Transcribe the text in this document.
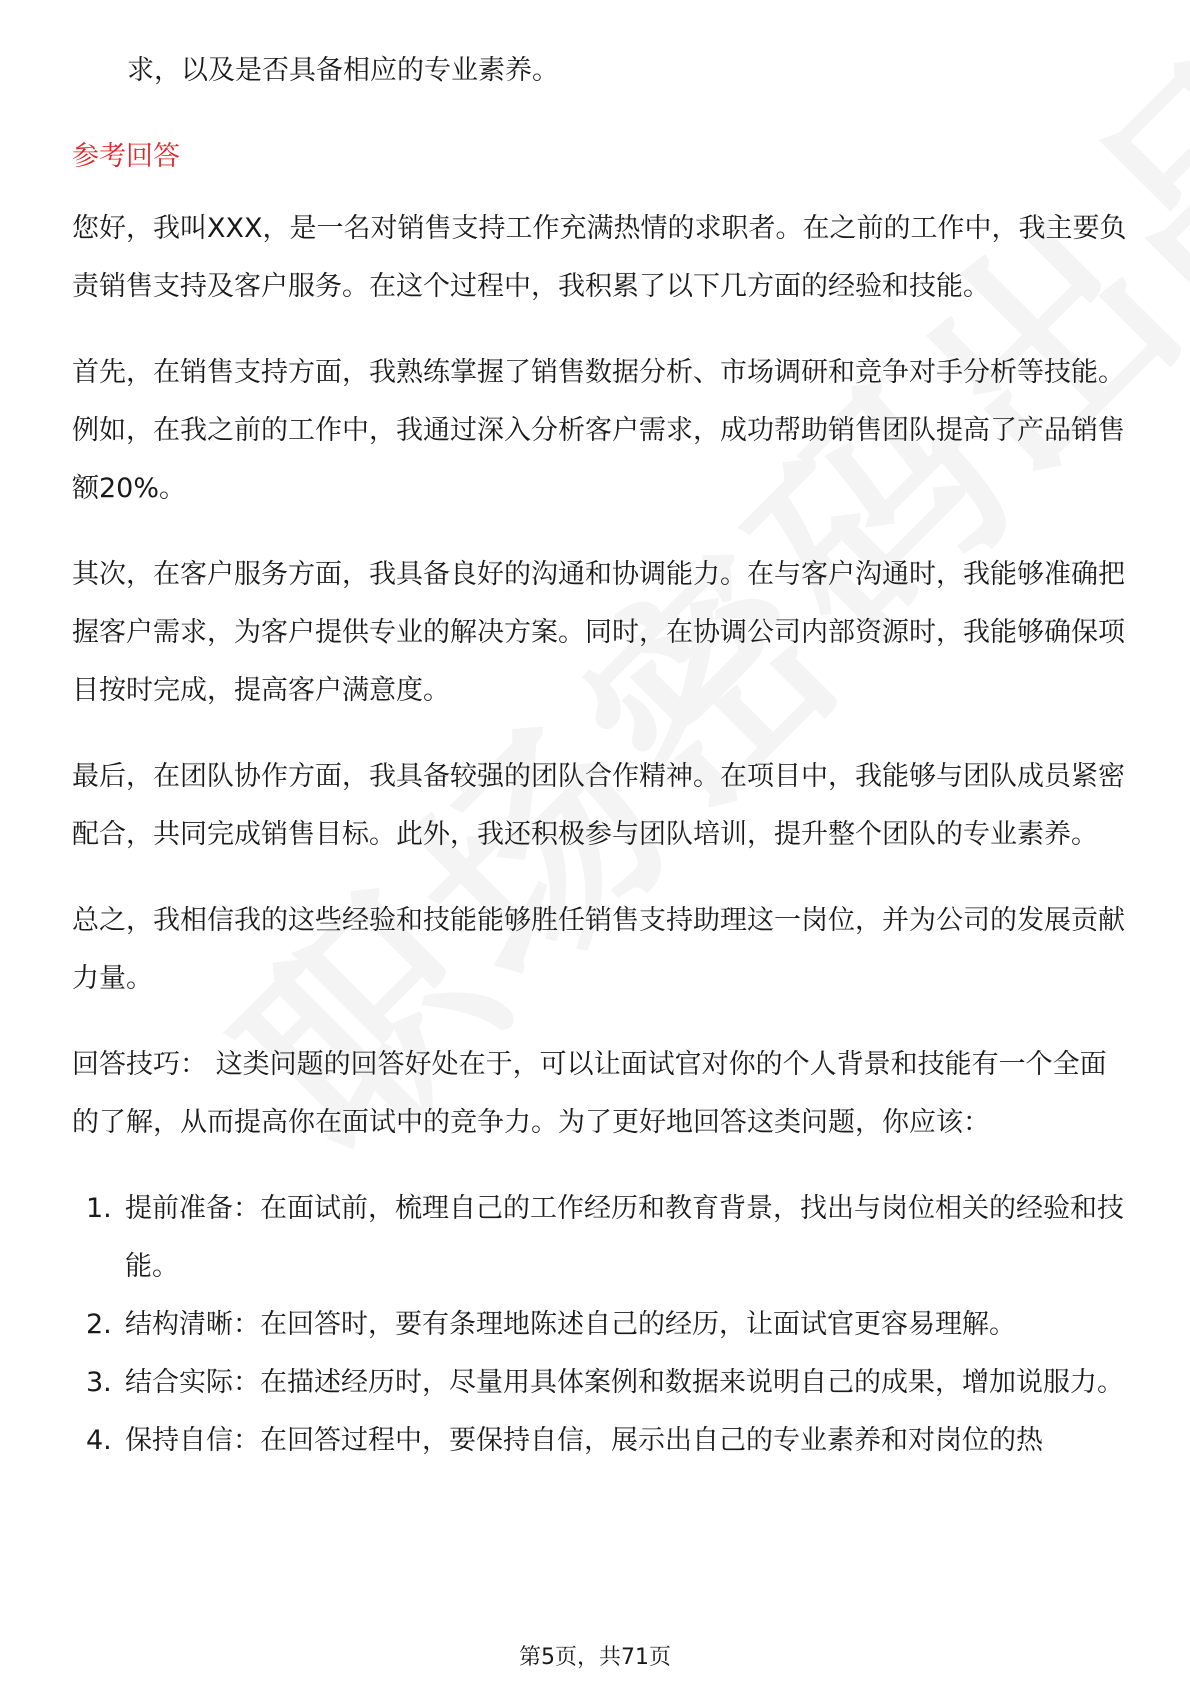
求，以及是否具备相应的专业素养。

参考回答

您好，我叫XXX，是一名对销售支持工作充满热情的求职者。在之前的工作中，我主要负责销售支持及客户服务。在这个过程中，我积累了以下几方面的经验和技能。

首先，在销售支持方面，我熟练掌握了销售数据分析、市场调研和竞争对手分析等技能。例如，在我之前的工作中，我通过深入分析客户需求，成功帮助销售团队提高了产品销售额20%。

其次，在客户服务方面，我具备良好的沟通和协调能力。在与客户沟通时，我能够准确把握客户需求，为客户提供专业的解决方案。同时，在协调公司内部资源时，我能够确保项目按时完成，提高客户满意度。

最后，在团队协作方面，我具备较强的团队合作精神。在项目中，我能够与团队成员紧密配合，共同完成销售目标。此外，我还积极参与团队培训，提升整个团队的专业素养。

总之，我相信我的这些经验和技能能够胜任销售支持助理这一岗位，并为公司的发展贡献力量。

回答技巧： 这类问题的回答好处在于，可以让面试官对你的个人背景和技能有一个全面的了解，从而提高你在面试中的竞争力。为了更好地回答这类问题，你应该：

1. 提前准备：在面试前，梳理自己的工作经历和教育背景，找出与岗位相关的经验和技能。
2. 结构清晰：在回答时，要有条理地陈述自己的经历，让面试官更容易理解。
3. 结合实际：在描述经历时，尽量用具体案例和数据来说明自己的成果，增加说服力。
4. 保持自信：在回答过程中，要保持自信，展示出自己的专业素养和对岗位的热
第5页，共71页
